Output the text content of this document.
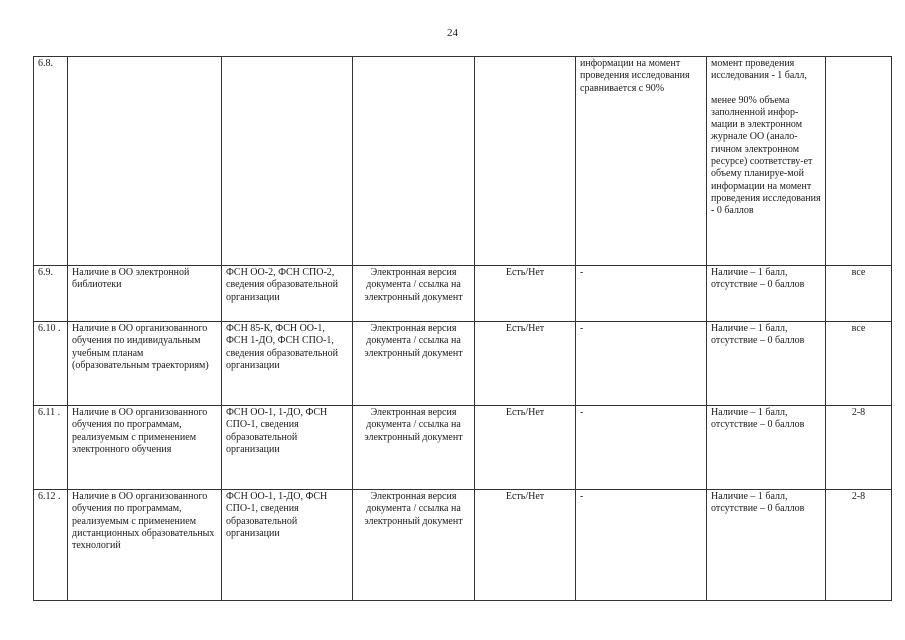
24
6.8.					информации на момент проведения исследования сравнивается с 90%	момент проведения исследования - 1 балл,

менее 90% объема заполненной инфор-мации в электронном журнале ОО (анало-гичном электронном ресурсе) соответству-ет объему планируе-мой информации на момент проведения исследования - 0 баллов	

6.9.	Наличие в ОО электронной библиотеки	ФСН ОО-2, ФСН СПО-2, сведения образовательной организации	Электронная версия документа / ссылка на электронный документ	Есть/Нет	-	Наличие – 1 балл, отсутствие – 0 баллов	все
6.10 .	Наличие в ОО организованного обучения по индивидуальным учебным планам (образовательным траекториям)	ФСН 85-К, ФСН ОО-1, ФСН 1-ДО, ФСН СПО-1, сведения образовательной организации	Электронная версия документа / ссылка на электронный документ	Есть/Нет	-	Наличие – 1 балл, отсутствие – 0 баллов	все
6.11 .	Наличие в ОО организованного обучения по программам, реализуемым с применением электронного обучения	ФСН ОО-1, 1-ДО, ФСН СПО-1, сведения образовательной организации	Электронная версия документа / ссылка на электронный документ	Есть/Нет	-	Наличие – 1 балл, отсутствие – 0 баллов	2-8
6.12 .	Наличие в ОО организованного обучения по программам, реализуемым с применением дистанционных образовательных технологий	ФСН ОО-1, 1-ДО, ФСН СПО-1, сведения образовательной организации	Электронная версия документа / ссылка на электронный документ	Есть/Нет	-	Наличие – 1 балл, отсутствие – 0 баллов	2-8
